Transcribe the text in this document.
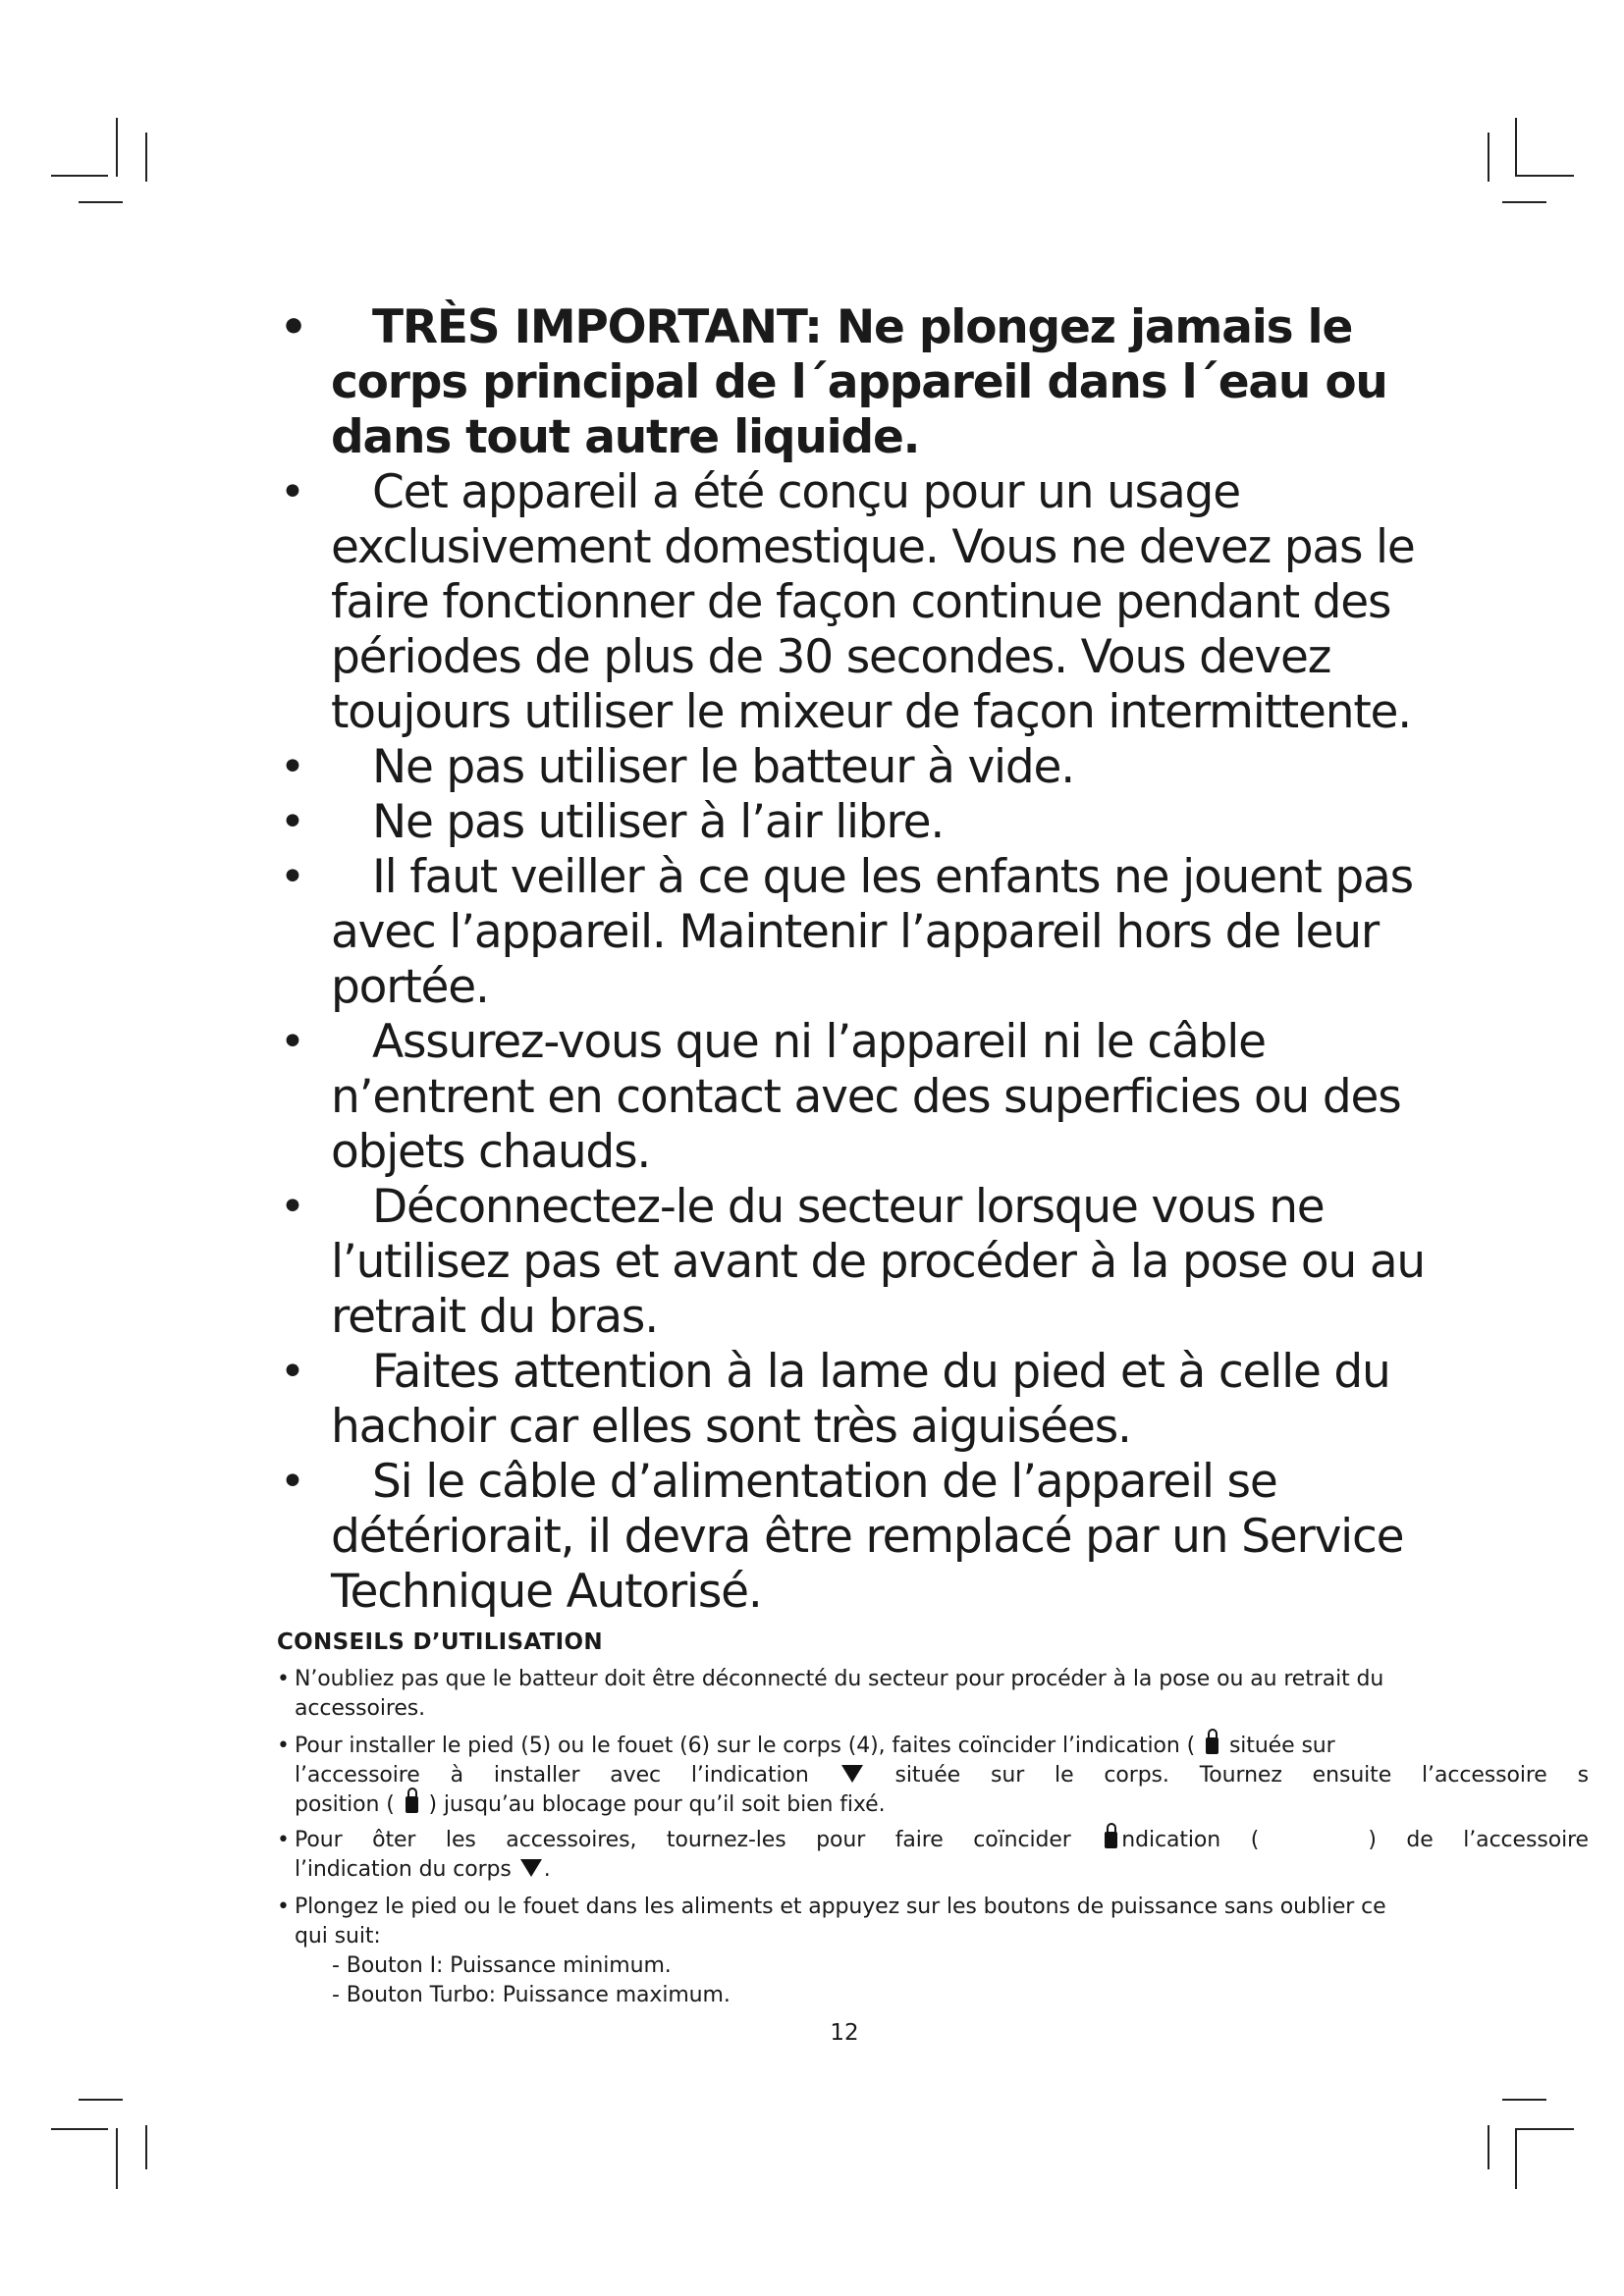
•	TRÈS IMPORTANT: Ne plongez jamais le corps principal de l´appareil dans l´eau ou dans tout autre liquide.
•	Cet appareil a été conçu pour un usage exclusivement domestique. Vous ne devez pas le faire fonctionner de façon continue pendant des périodes de plus de 30 secondes. Vous devez toujours utiliser le mixeur de façon intermittente.
•	Ne pas utiliser le batteur à vide.
•	Ne pas utiliser à l’air libre.
•	Il faut veiller à ce que les enfants ne jouent pas avec l’appareil. Maintenir l’appareil hors de leur portée.
•	Assurez-vous que ni l’appareil ni le câble n’entrent en contact avec des superficies ou des objets chauds.
•	Déconnectez-le du secteur lorsque vous ne l’utilisez pas et avant de procéder à la pose ou au retrait du bras.
•	Faites attention à la lame du pied et à celle du hachoir car elles sont très aiguisées.
•	Si le câble d’alimentation de l’appareil se détériorait, il devra être remplacé par un Service Technique Autorisé.
CONSEILS D’UTILISATION
• N’oubliez pas que le batteur doit être déconnecté du secteur pour procéder à la pose ou au retrait du accessoires.
• Pour installer le pied (5) ou le fouet (6) sur le corps (4), faites coïncider l’indication ( située sur
l’accessoire à installer avec l’indication	située sur le corps. Tournez ensuite l’accessoire s
position ( ) jusqu’au blocage pour qu’il soit bien fixé.
• Pour ôter les accessoires, tournez-les pour faire coïncider ndication (	) de l’accessoire
l’indication du corps .
• Plongez le pied ou le fouet dans les aliments et appuyez sur les boutons de puissance sans oublier ce qui suit:
- Bouton I: Puissance minimum.
- Bouton Turbo: Puissance maximum.
12
